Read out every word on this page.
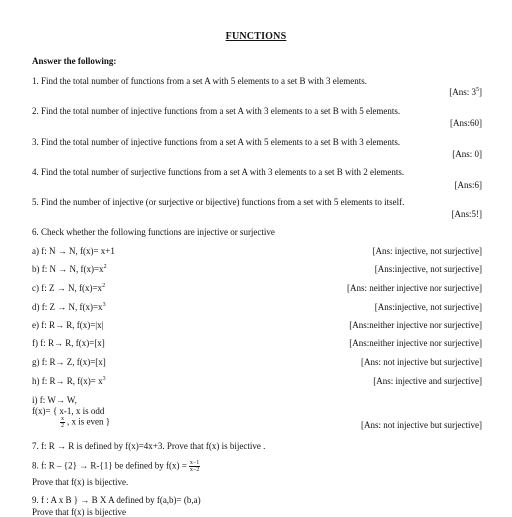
FUNCTIONS
Answer the following:
1. Find the total number of functions from a set A with 5 elements to a set B with 3 elements.
[Ans: $3^5$]
2. Find the total number of injective functions from a set A with 3 elements to a set B with 5 elements.
[Ans:60]
3. Find the total number of injective functions from a set A with 5 elements to a set B with 3 elements.
[Ans: 0]
4. Find the total number of surjective functions from a set A with 3 elements to a set B with 2 elements.
[Ans:6]
5. Find the number of injective (or surjective or bijective) functions from a set with 5 elements to itself.
[Ans:5!]
6. Check whether the following functions are injective or surjective
a) f: N → N, f(x)= x+1	[Ans: injective, not surjective]
b) f: N → N, $f(x)=x^2$	[Ans:injective, not surjective]
c) f: Z → N, $f(x)=x^2$	[Ans: neither injective nor surjective]
d) f: Z → N, $f(x)=x^3$	[Ans:injective, not surjective]
e) f: R→ R, f(x)=|x|	[Ans:neither injective nor surjective]
f) f: R→ R, f(x)=[x]	[Ans:neither injective nor surjective]
g) f: R→ Z, f(x)=[x]	[Ans: not injective but surjective]
h) f: R→ R, $f(x)= x^3$	[Ans: injective and surjective]
i) f: W→ W,
f(x)= { x-1, x is odd
$\frac{x}{2}$ , x is even }	[Ans: not injective but surjective]
7. f: R → R is defined by f(x)=4x+3. Prove that f(x) is bijective .
8. f: R – {2} → R-{1} be defined by $f(x) = \frac{x-1}{x-2}$
Prove that f(x) is bijective.
9. f : A x B } → B X A defined by f(a,b)= (b,a)
Prove that f(x) is bijective
